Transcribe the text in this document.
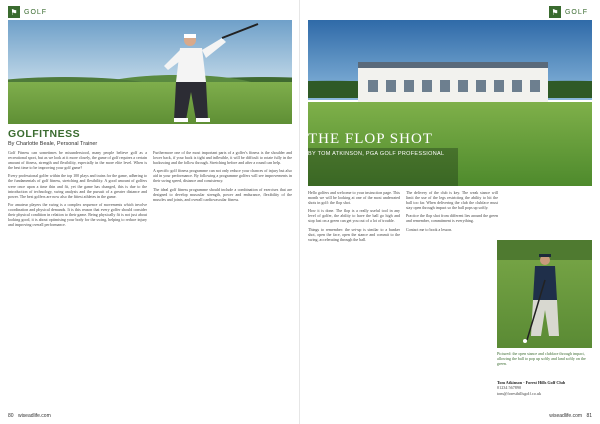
⚑ GOLF
GOLFITNESS
By Charlotte Beale, Personal Trainer

Golf Fitness can sometimes be misunderstood, many people believe golf as a recreational sport, but as we look at it more closely, the game of golf requires a certain amount of fitness, strength and flexibility, especially in the more elite level. When is the best time to be improving your golf game?

Every professional golfer within the top 100 plays and trains for the game, adhering to the fundamentals of golf fitness, stretching and flexibility. A good amount of golfers were once upon a time thin and fit, yet the game has changed, this is due to the introduction of technology, swing analysis and the pursuit of a greater distance and power. The best golfers are now also the fittest athletes in the game.

For amateur players the swing is a complex sequence of movements which involve coordination and physical demands. It is this reason that every golfer should consider their physical condition in relation to their game. Being physically fit is not just about looking good, it is about optimising your body for the swing, helping to reduce injury and improving overall performance.

Furthermore one of the most important parts of a golfer's fitness is the shoulder and lower back, if your back is tight and inflexible, it will be difficult to rotate fully in the backswing and the follow through. Stretching before and after a round can help.

A specific golf fitness programme can not only reduce your chances of injury but also aid in your performance. By following a programme golfers will see improvements in their swing speed, distance and consistency.

The ideal golf fitness programme should include a combination of exercises that are designed to develop muscular strength, power and endurance, flexibility of the muscles and joints, and overall cardiovascular fitness.

80 wiseadlife.com
⚑ GOLF
THE FLOP SHOT
BY TOM ATKINSON, PGA GOLF PROFESSIONAL

Hello golfers and welcome to your instruction page. This month we will be looking at one of the most underrated shots in golf: the flop shot.

How it is done. The flop is a really useful tool in any level of golfer, the ability to have the ball go high and stop fast on a green can get you out of a lot of trouble.

Things to remember: the set-up is similar to a bunker shot, open the face, open the stance and commit to the swing, accelerating through the ball.

The delivery of the club is key. The weak stance will limit the use of the legs restricting the ability to hit the ball too far. When delivering the club the clubface must stay open through impact so the ball pops up softly.

Practice the flop shot from different lies around the green and remember, commitment is everything.

Contact me to book a lesson.

Pictured: the open stance and clubface through impact, allowing the ball to pop up softly and land softly on the green.
Tom Atkinson - Forest Hills Golf Club
01234 567890
tom@foresthillsgolf.co.uk
wiseadlife.com 81
